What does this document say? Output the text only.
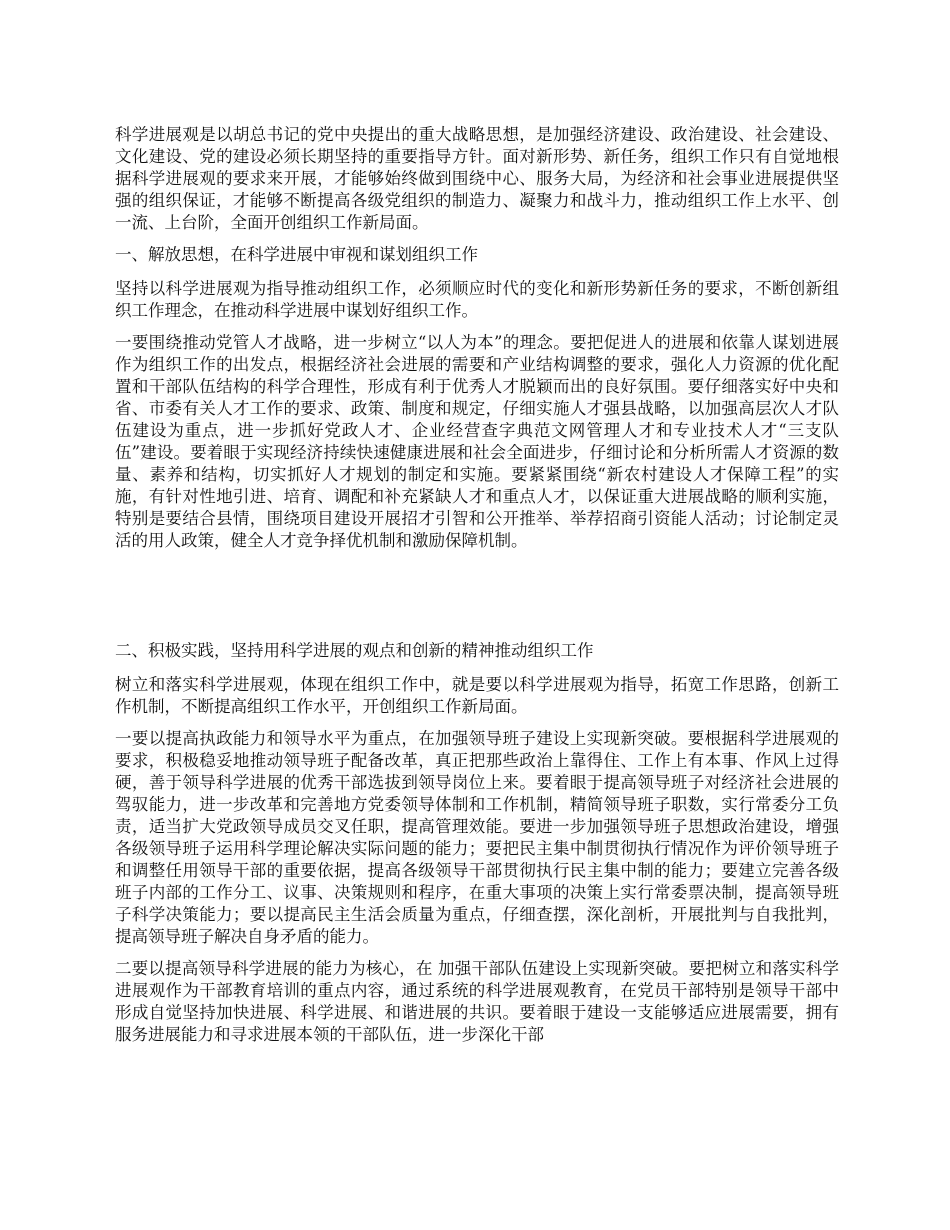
科学进展观是以胡总书记的党中央提出的重大战略思想，是加强经济建设、政治建设、社会建设、文化建设、党的建设必须长期坚持的重要指导方针。面对新形势、新任务，组织工作只有自觉地根据科学进展观的要求来开展，才能够始终做到围绕中心、服务大局，为经济和社会事业进展提供坚强的组织保证，才能够不断提高各级党组织的制造力、凝聚力和战斗力，推动组织工作上水平、创一流、上台阶，全面开创组织工作新局面。

一、解放思想，在科学进展中审视和谋划组织工作

坚持以科学进展观为指导推动组织工作，必须顺应时代的变化和新形势新任务的要求，不断创新组织工作理念，在推动科学进展中谋划好组织工作。

一要围绕推动党管人才战略，进一步树立“以人为本”的理念。要把促进人的进展和依靠人谋划进展作为组织工作的出发点，根据经济社会进展的需要和产业结构调整的要求，强化人力资源的优化配置和干部队伍结构的科学合理性，形成有利于优秀人才脱颖而出的良好氛围。要仔细落实好中央和省、市委有关人才工作的要求、政策、制度和规定，仔细实施人才强县战略，以加强高层次人才队伍建设为重点，进一步抓好党政人才、企业经营查字典范文网管理人才和专业技术人才“三支队伍”建设。要着眼于实现经济持续快速健康进展和社会全面进步，仔细讨论和分析所需人才资源的数量、素养和结构，切实抓好人才规划的制定和实施。要紧紧围绕“新农村建设人才保障工程”的实施，有针对性地引进、培育、调配和补充紧缺人才和重点人才，以保证重大进展战略的顺利实施，特别是要结合县情，围绕项目建设开展招才引智和公开推举、举荐招商引资能人活动；讨论制定灵活的用人政策，健全人才竞争择优机制和激励保障机制。

二、积极实践，坚持用科学进展的观点和创新的精神推动组织工作

树立和落实科学进展观，体现在组织工作中，就是要以科学进展观为指导，拓宽工作思路，创新工作机制，不断提高组织工作水平，开创组织工作新局面。

一要以提高执政能力和领导水平为重点，在加强领导班子建设上实现新突破。要根据科学进展观的要求，积极稳妥地推动领导班子配备改革，真正把那些政治上靠得住、工作上有本事、作风上过得硬，善于领导科学进展的优秀干部选拔到领导岗位上来。要着眼于提高领导班子对经济社会进展的驾驭能力，进一步改革和完善地方党委领导体制和工作机制，精简领导班子职数，实行常委分工负责，适当扩大党政领导成员交叉任职，提高管理效能。要进一步加强领导班子思想政治建设，增强各级领导班子运用科学理论解决实际问题的能力；要把民主集中制贯彻执行情况作为评价领导班子和调整任用领导干部的重要依据，提高各级领导干部贯彻执行民主集中制的能力；要建立完善各级班子内部的工作分工、议事、决策规则和程序，在重大事项的决策上实行常委票决制，提高领导班子科学决策能力；要以提高民主生活会质量为重点，仔细查摆，深化剖析，开展批判与自我批判，提高领导班子解决自身矛盾的能力。

二要以提高领导科学进展的能力为核心，在 加强干部队伍建设上实现新突破。要把树立和落实科学进展观作为干部教育培训的重点内容，通过系统的科学进展观教育，在党员干部特别是领导干部中形成自觉坚持加快进展、科学进展、和谐进展的共识。要着眼于建设一支能够适应进展需要，拥有服务进展能力和寻求进展本领的干部队伍，进一步深化干部
